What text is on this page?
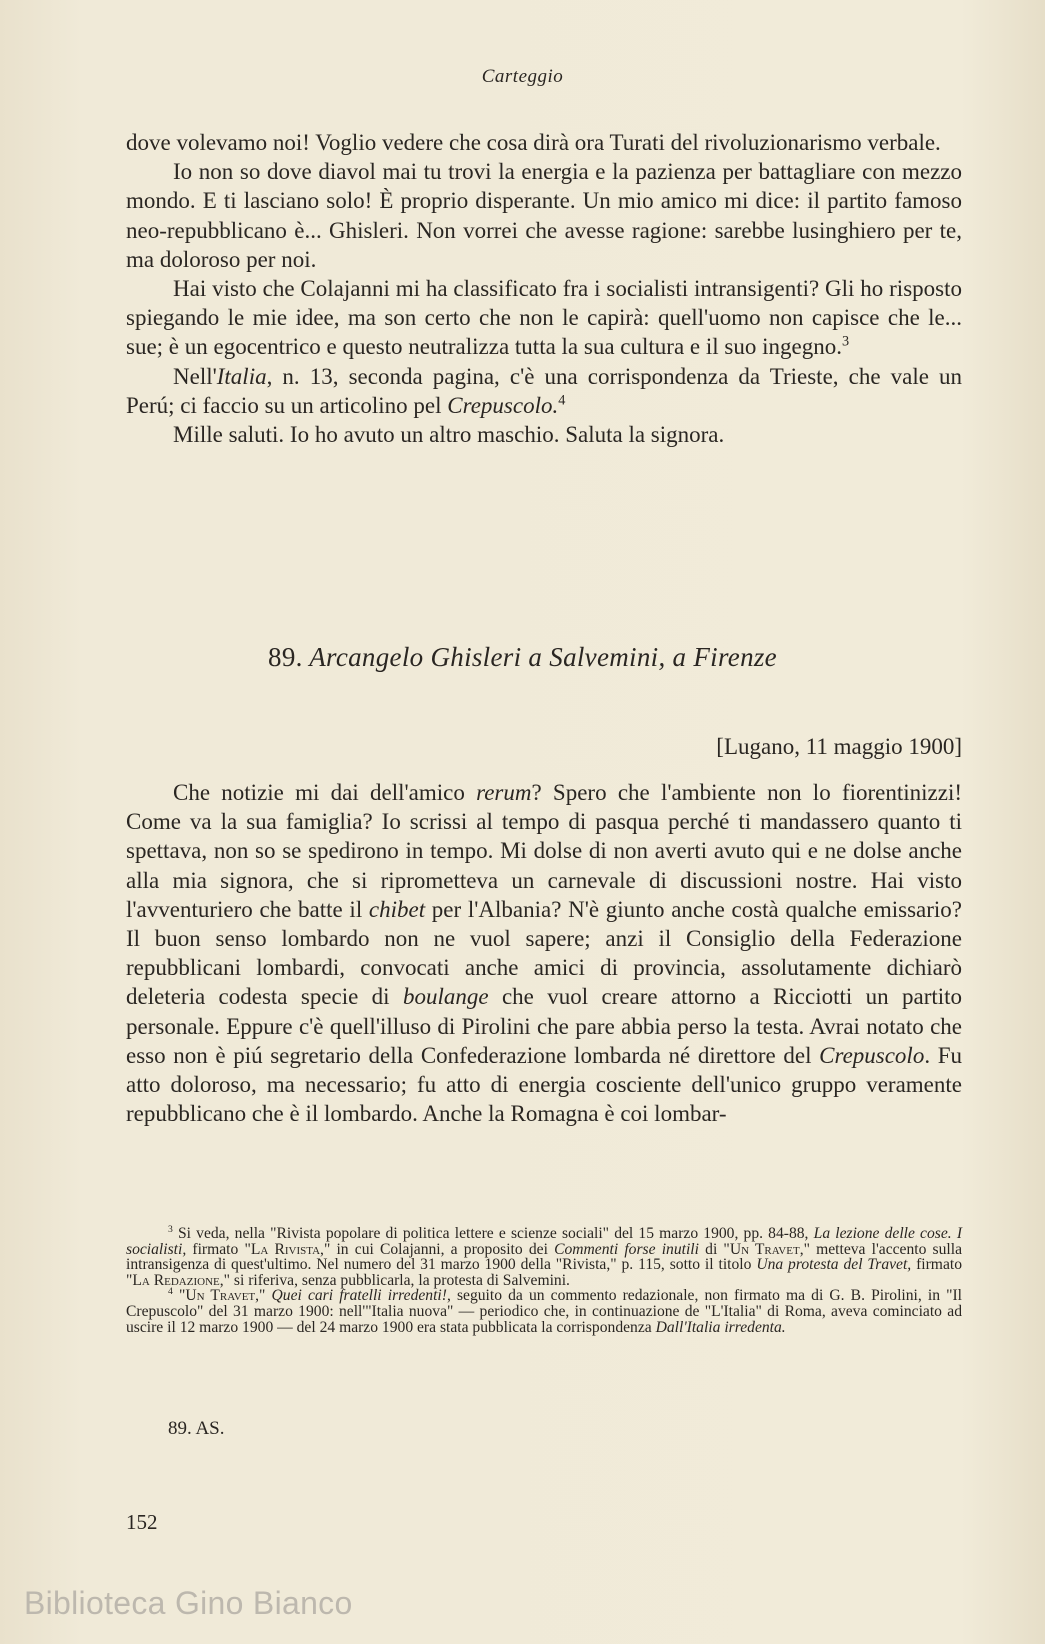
Carteggio

dove volevamo noi! Voglio vedere che cosa dirà ora Turati del rivoluzionarismo verbale.

Io non so dove diavol mai tu trovi la energia e la pazienza per battagliare con mezzo mondo. E ti lasciano solo! È proprio disperante. Un mio amico mi dice: il partito famoso neo-repubblicano è... Ghisleri. Non vorrei che avesse ragione: sarebbe lusinghiero per te, ma doloroso per noi.

Hai visto che Colajanni mi ha classificato fra i socialisti intransigenti? Gli ho risposto spiegando le mie idee, ma son certo che non le capirà: quell'uomo non capisce che le... sue; è un egocentrico e questo neutralizza tutta la sua cultura e il suo ingegno.$^3$

Nell'Italia, n. 13, seconda pagina, c'è una corrispondenza da Trieste, che vale un Perú; ci faccio su un articolino pel Crepuscolo.$^4$

Mille saluti. Io ho avuto un altro maschio. Saluta la signora.

89. Arcangelo Ghisleri a Salvemini, a Firenze
[Lugano, 11 maggio 1900]

Che notizie mi dai dell'amico rerum? Spero che l'ambiente non lo fiorentinizzi! Come va la sua famiglia? Io scrissi al tempo di pasqua perché ti mandassero quanto ti spettava, non so se spedirono in tempo. Mi dolse di non averti avuto qui e ne dolse anche alla mia signora, che si riprometteva un carnevale di discussioni nostre. Hai visto l'avventuriero che batte il chibet per l'Albania? N'è giunto anche costà qualche emissario? Il buon senso lombardo non ne vuol sapere; anzi il Consiglio della Federazione repubblicani lombardi, convocati anche amici di provincia, assolutamente dichiarò deleteria codesta specie di boulange che vuol creare attorno a Ricciotti un partito personale. Eppure c'è quell'illuso di Pirolini che pare abbia perso la testa. Avrai notato che esso non è piú segretario della Confederazione lombarda né direttore del Crepuscolo. Fu atto doloroso, ma necessario; fu atto di energia cosciente dell'unico gruppo veramente repubblicano che è il lombardo. Anche la Romagna è coi lombar-

$^3$ Si veda, nella "Rivista popolare di politica lettere e scienze sociali" del 15 marzo 1900, pp. 84-88, La lezione delle cose. I socialisti, firmato "La Rivista," in cui Colajanni, a proposito dei Commenti forse inutili di "Un Travet," metteva l'accento sulla intransigenza di quest'ultimo. Nel numero del 31 marzo 1900 della "Rivista," p. 115, sotto il titolo Una protesta del Travet, firmato "La Redazione," si riferiva, senza pubblicarla, la protesta di Salvemini.

$^4$ "Un Travet," Quei cari fratelli irredenti!, seguito da un commento redazionale, non firmato ma di G. B. Pirolini, in "Il Crepuscolo" del 31 marzo 1900: nell'"Italia nuova" — periodico che, in continuazione de "L'Italia" di Roma, aveva cominciato ad uscire il 12 marzo 1900 — del 24 marzo 1900 era stata pubblicata la corrispondenza Dall'Italia irredenta.

89. AS.
152
Biblioteca Gino Bianco
